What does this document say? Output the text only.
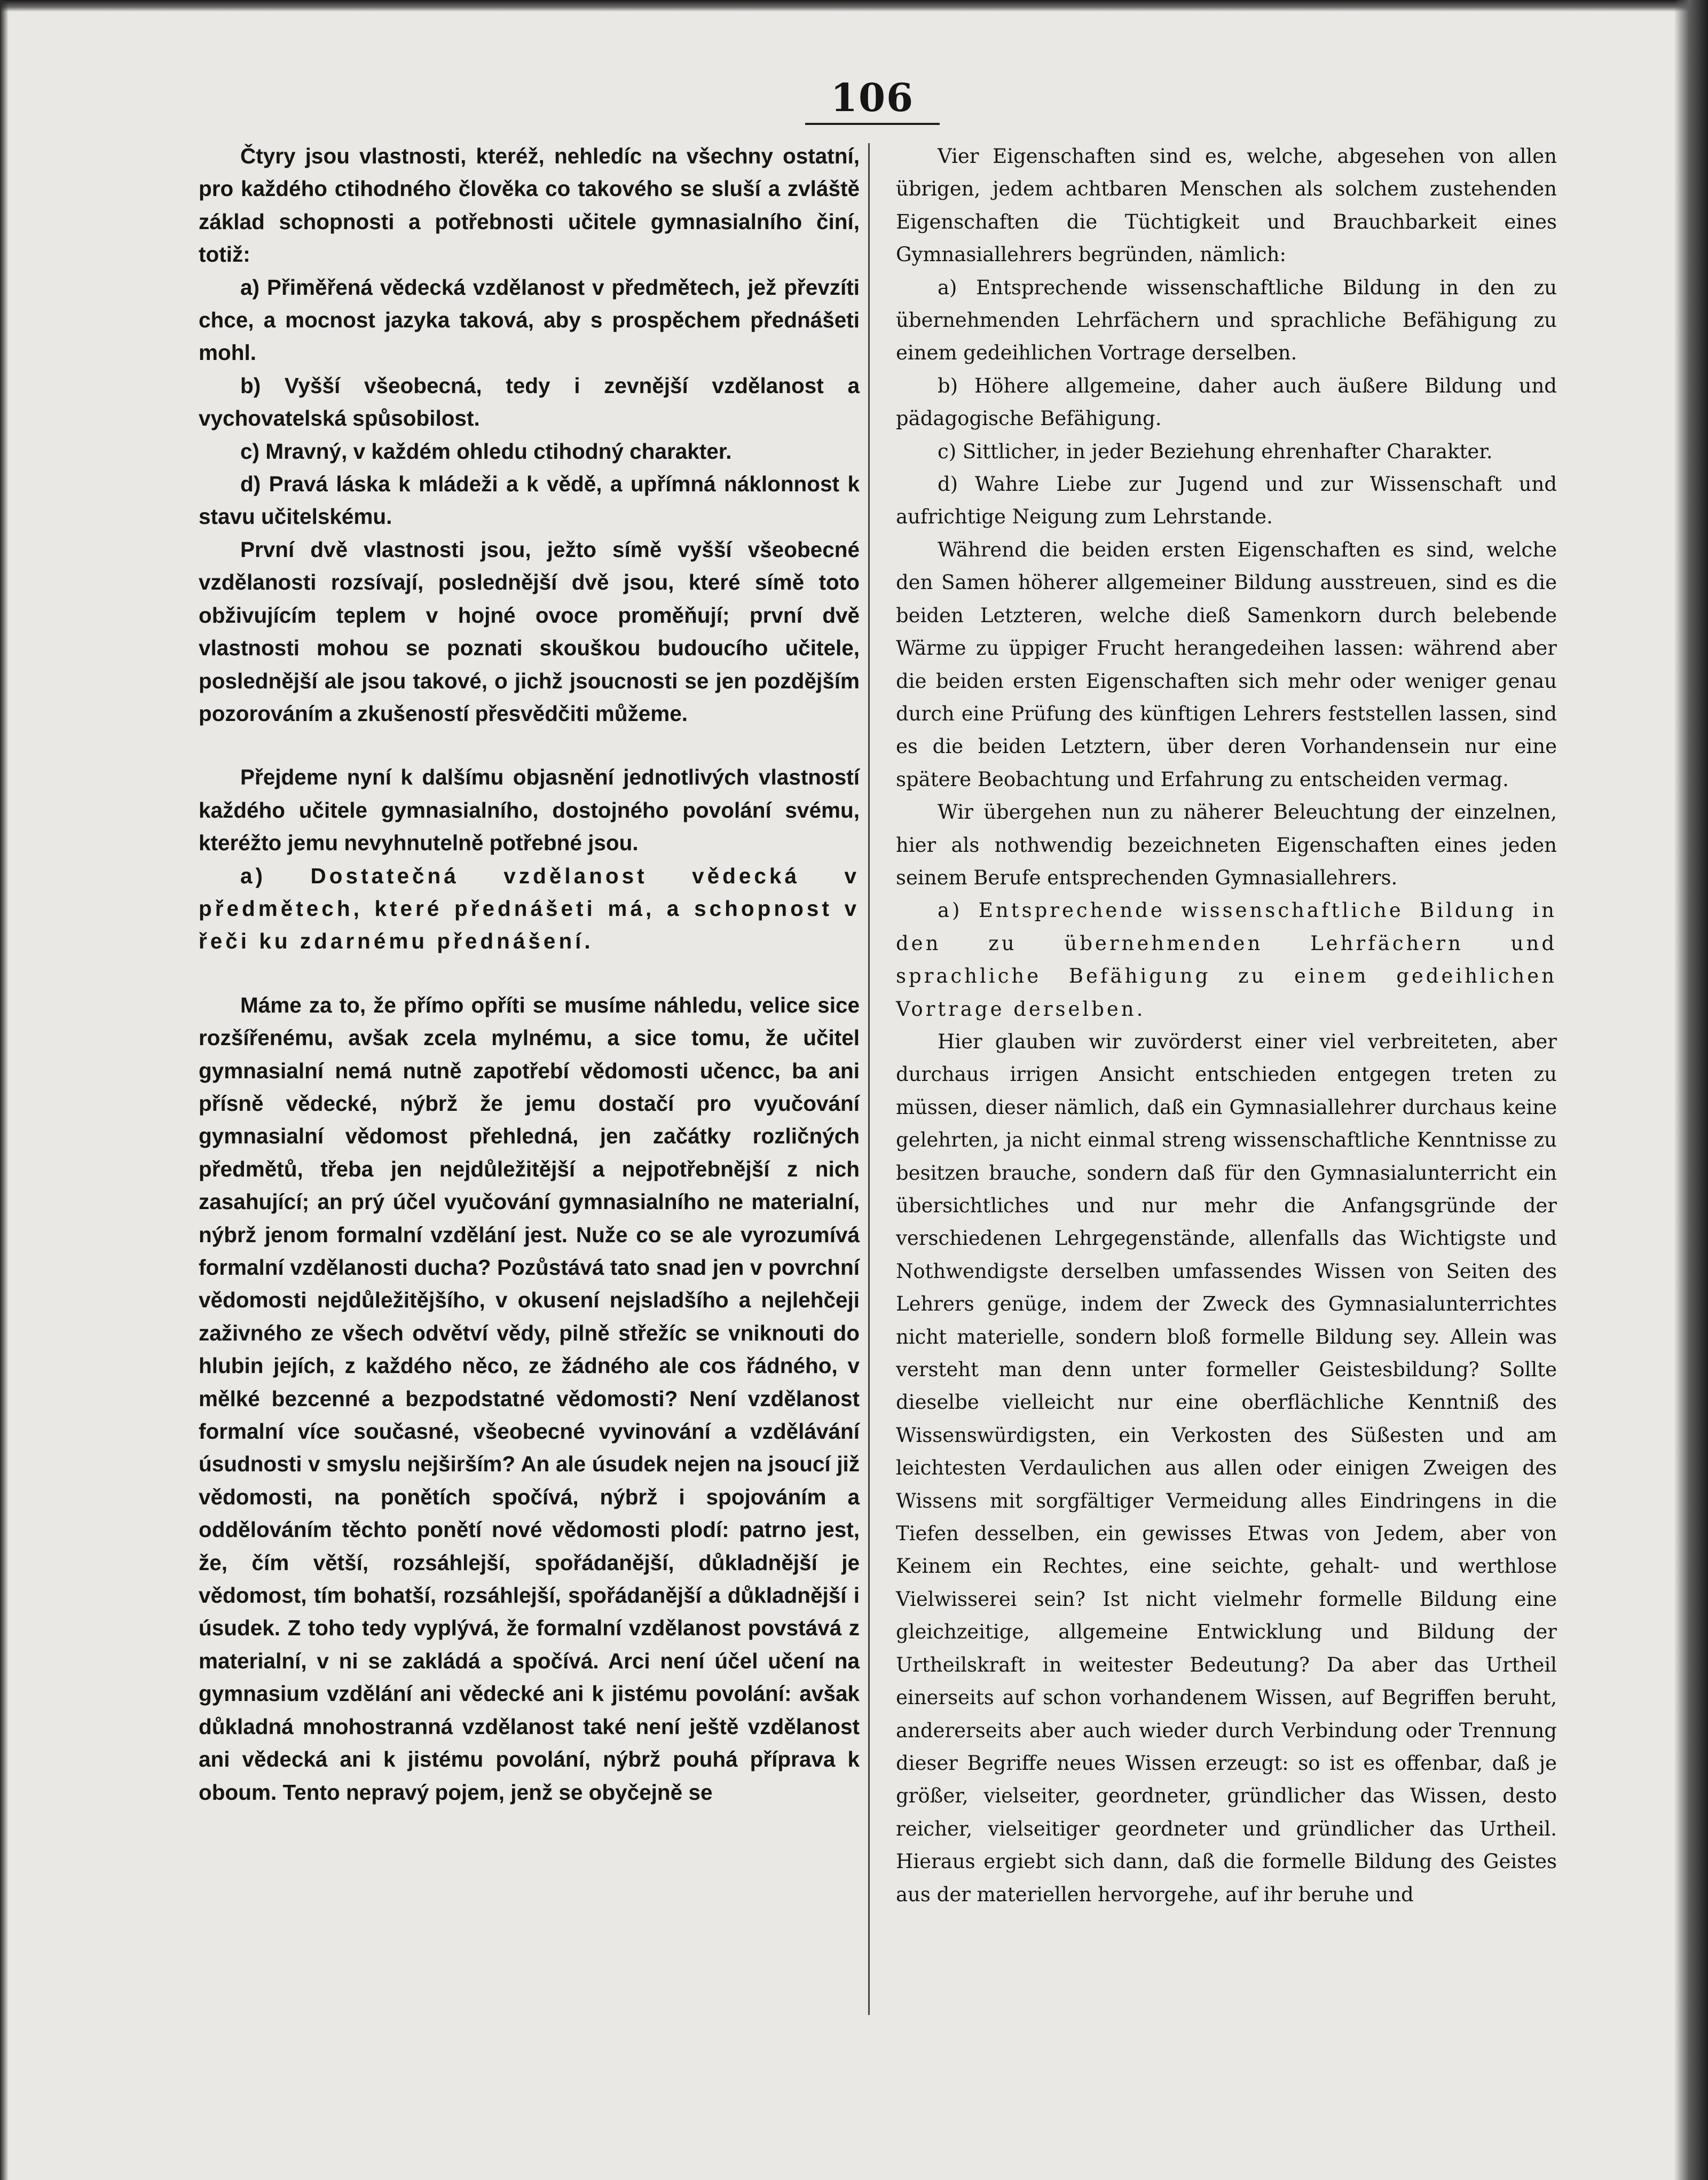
106

Čtyry jsou vlastnosti, kteréž, nehledíc na všechny ostatní, pro každého ctihodného člověka co takového se sluší a zvláště základ schopnosti a potřebnosti učitele gymnasialního činí, totiž:

a) Přiměřená vědecká vzdělanost v předmětech, jež převzíti chce, a mocnost jazyka taková, aby s prospěchem přednášeti mohl.

b) Vyšší všeobecná, tedy i zevnější vzdělanost a vychovatelská spůsobilost.

c) Mravný, v každém ohledu ctihodný charakter.

d) Pravá láska k mládeži a k vědě, a upřímná náklonnost k stavu učitelskému.

První dvě vlastnosti jsou, ježto símě vyšší všeobecné vzdělanosti rozsívají, poslednější dvě jsou, které símě toto obživujícím teplem v hojné ovoce proměňují; první dvě vlastnosti mohou se poznati skouškou budoucího učitele, poslednější ale jsou takové, o jichž jsoucnosti se jen pozdějším pozorováním a zkušeností přesvědčiti můžeme.

Přejdeme nyní k dalšímu objasnění jednotlivých vlastností každého učitele gymnasialního, dostojného povolání svému, kteréžto jemu nevyhnutelně potřebné jsou.

a) Dostatečná vzdělanost vědecká v předmětech, které přednášeti má, a schopnost v řeči ku zdarnému přednášení.

Máme za to, že přímo opříti se musíme náhledu, velice sice rozšířenému, avšak zcela mylnému, a sice tomu, že učitel gymnasialní nemá nutně zapotřebí vědomosti učencc, ba ani přísně vědecké, nýbrž že jemu dostačí pro vyučování gymnasialní vědomost přehledná, jen začátky rozličných předmětů, třeba jen nejdůležitější a nejpotřebnější z nich zasahující; an prý účel vyučování gymnasialního ne materialní, nýbrž jenom formalní vzdělání jest. Nuže co se ale vyrozumívá formalní vzdělanosti ducha? Pozůstává tato snad jen v povrchní vědomosti nejdůležitějšího, v okusení nejsladšího a nejlehčeji zaživného ze všech odvětví vědy, pilně střežíc se vniknouti do hlubin jejích, z každého něco, ze žádného ale cos řádného, v mělké bezcenné a bezpodstatné vědomosti? Není vzdělanost formalní více současné, všeobecné vyvinování a vzdělávání úsudnosti v smyslu nejširším? An ale úsudek nejen na jsoucí již vědomosti, na ponětích spočívá, nýbrž i spojováním a oddělováním těchto ponětí nové vědomosti plodí: patrno jest, že, čím větší, rozsáhlejší, spořádanější, důkladnější je vědomost, tím bohatší, rozsáhlejší, spořádanější a důkladnější i úsudek. Z toho tedy vyplývá, že formalní vzdělanost povstává z materialní, v ni se zakládá a spočívá. Arci není účel učení na gymnasium vzdělání ani vědecké ani k jistému povolání: avšak důkladná mnohostranná vzdělanost také není ještě vzdělanost ani vědecká ani k jistému povolání, nýbrž pouhá příprava k oboum. Tento nepravý pojem, jenž se obyčejně se

Vier Eigenschaften sind es, welche, abgesehen von allen übrigen, jedem achtbaren Menschen als solchem zustehenden Eigenschaften die Tüchtigkeit und Brauchbarkeit eines Gymnasiallehrers begründen, nämlich:

a) Entsprechende wissenschaftliche Bildung in den zu übernehmenden Lehrfächern und sprachliche Befähigung zu einem gedeihlichen Vortrage derselben.

b) Höhere allgemeine, daher auch äußere Bildung und pädagogische Befähigung.

c) Sittlicher, in jeder Beziehung ehrenhafter Charakter.

d) Wahre Liebe zur Jugend und zur Wissenschaft und aufrichtige Neigung zum Lehrstande.

Während die beiden ersten Eigenschaften es sind, welche den Samen höherer allgemeiner Bildung ausstreuen, sind es die beiden Letzteren, welche dieß Samenkorn durch belebende Wärme zu üppiger Frucht herangedeihen lassen: während aber die beiden ersten Eigenschaften sich mehr oder weniger genau durch eine Prüfung des künftigen Lehrers feststellen lassen, sind es die beiden Letztern, über deren Vorhandensein nur eine spätere Beobachtung und Erfahrung zu entscheiden vermag.

Wir übergehen nun zu näherer Beleuchtung der einzelnen, hier als nothwendig bezeichneten Eigenschaften eines jeden seinem Berufe entsprechenden Gymnasiallehrers.

a) Entsprechende wissenschaftliche Bildung in den zu übernehmenden Lehrfächern und sprachliche Befähigung zu einem gedeihlichen Vortrage derselben.

Hier glauben wir zuvörderst einer viel verbreiteten, aber durchaus irrigen Ansicht entschieden entgegen treten zu müssen, dieser nämlich, daß ein Gymnasiallehrer durchaus keine gelehrten, ja nicht einmal streng wissenschaftliche Kenntnisse zu besitzen brauche, sondern daß für den Gymnasialunterricht ein übersichtliches und nur mehr die Anfangsgründe der verschiedenen Lehrgegenstände, allenfalls das Wichtigste und Nothwendigste derselben umfassendes Wissen von Seiten des Lehrers genüge, indem der Zweck des Gymnasialunterrichtes nicht materielle, sondern bloß formelle Bildung sey. Allein was versteht man denn unter formeller Geistesbildung? Sollte dieselbe vielleicht nur eine oberflächliche Kenntniß des Wissenswürdigsten, ein Verkosten des Süßesten und am leichtesten Verdaulichen aus allen oder einigen Zweigen des Wissens mit sorgfältiger Vermeidung alles Eindringens in die Tiefen desselben, ein gewisses Etwas von Jedem, aber von Keinem ein Rechtes, eine seichte, gehalt- und werthlose Vielwisserei sein? Ist nicht vielmehr formelle Bildung eine gleichzeitige, allgemeine Entwicklung und Bildung der Urtheilskraft in weitester Bedeutung? Da aber das Urtheil einerseits auf schon vorhandenem Wissen, auf Begriffen beruht, andererseits aber auch wieder durch Verbindung oder Trennung dieser Begriffe neues Wissen erzeugt: so ist es offenbar, daß je größer, vielseiter, geordneter, gründlicher das Wissen, desto reicher, vielseitiger geordneter und gründlicher das Urtheil. Hieraus ergiebt sich dann, daß die formelle Bildung des Geistes aus der materiellen hervorgehe, auf ihr beruhe und
